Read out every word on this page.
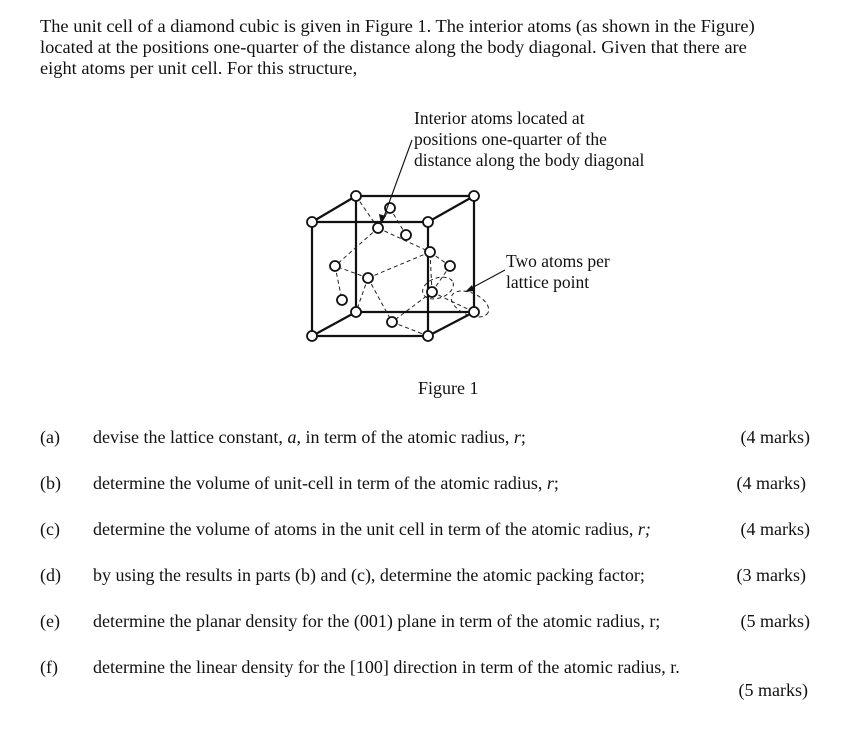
The unit cell of a diamond cubic is given in Figure 1. The interior atoms (as shown in the Figure)
located at the positions one-quarter of the distance along the body diagonal. Given that there are
eight atoms per unit cell. For this structure,
Interior atoms located at
positions one-quarter of the
distance along the body diagonal
Two atoms per
lattice point
Figure 1
(a) devise the lattice constant, a, in term of the atomic radius, r;	(4 marks)
(b) determine the volume of unit-cell in term of the atomic radius, r;	(4 marks)
(c) determine the volume of atoms in the unit cell in term of the atomic radius, r;	(4 marks)
(d) by using the results in parts (b) and (c), determine the atomic packing factor;	(3 marks)
(e) determine the planar density for the (001) plane in term of the atomic radius, r;	(5 marks)
(f) determine the linear density for the [100] direction in term of the atomic radius, r.
(5 marks)
